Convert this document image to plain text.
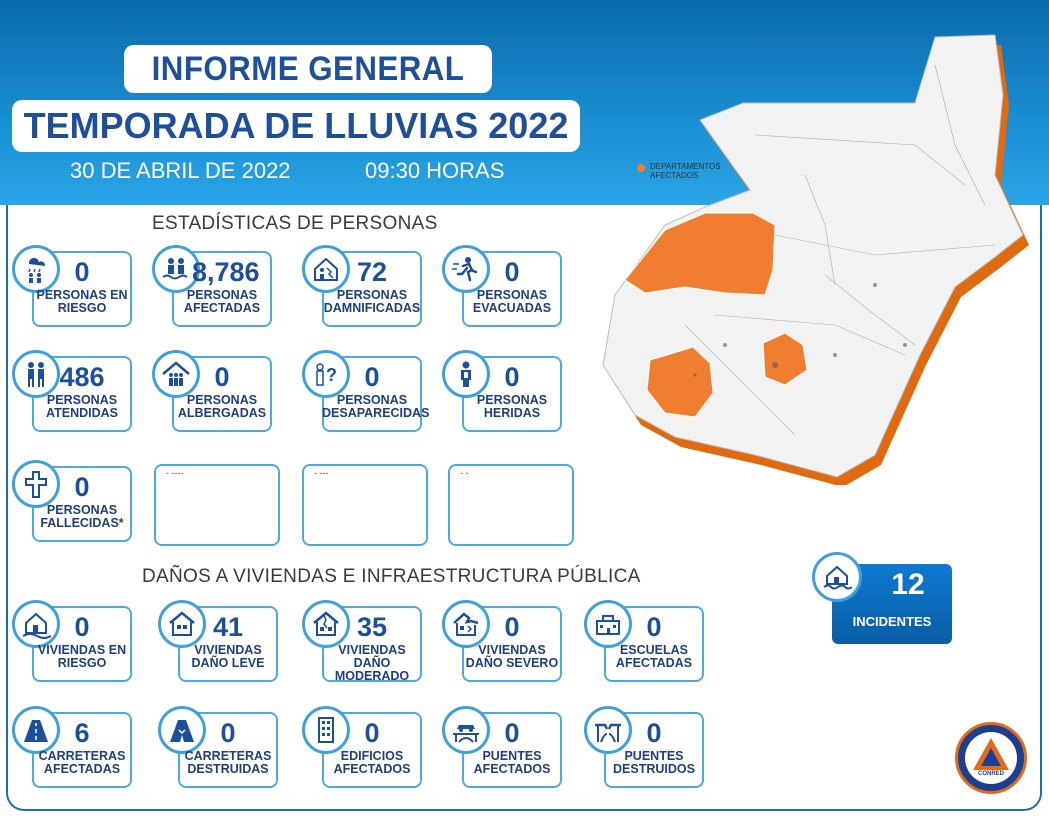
INFORME GENERAL
TEMPORADA DE LLUVIAS 2022
30 DE ABRIL DE 2022	09:30 HORAS	DEPARTAMENTOS AFECTADOS
ESTADÍSTICAS DE PERSONAS
DAÑOS A VIVIENDAS E INFRAESTRUCTURA PÚBLICA
0
PERSONAS EN RIESGO
8,786
PERSONAS AFECTADAS
72
PERSONAS DAMNIFICADAS
0
PERSONAS EVACUADAS
486
PERSONAS ATENDIDAS
0
PERSONAS ALBERGADAS
?	0
PERSONAS DESAPARECIDAS
0
PERSONAS HERIDAS
0
PERSONAS FALLECIDAS*
- ----	- ---	- -
0
VIVIENDAS EN RIESGO
41
VIVIENDAS DAÑO LEVE
35
VIVIENDAS DAÑO MODERADO
0
VIVIENDAS DAÑO SEVERO
0
ESCUELAS AFECTADAS
6
CARRETERAS AFECTADAS
0
CARRETERAS DESTRUIDAS
0
EDIFICIOS AFECTADOS
0
PUENTES AFECTADOS
0
PUENTES DESTRUIDOS
12
INCIDENTES
CONRED
